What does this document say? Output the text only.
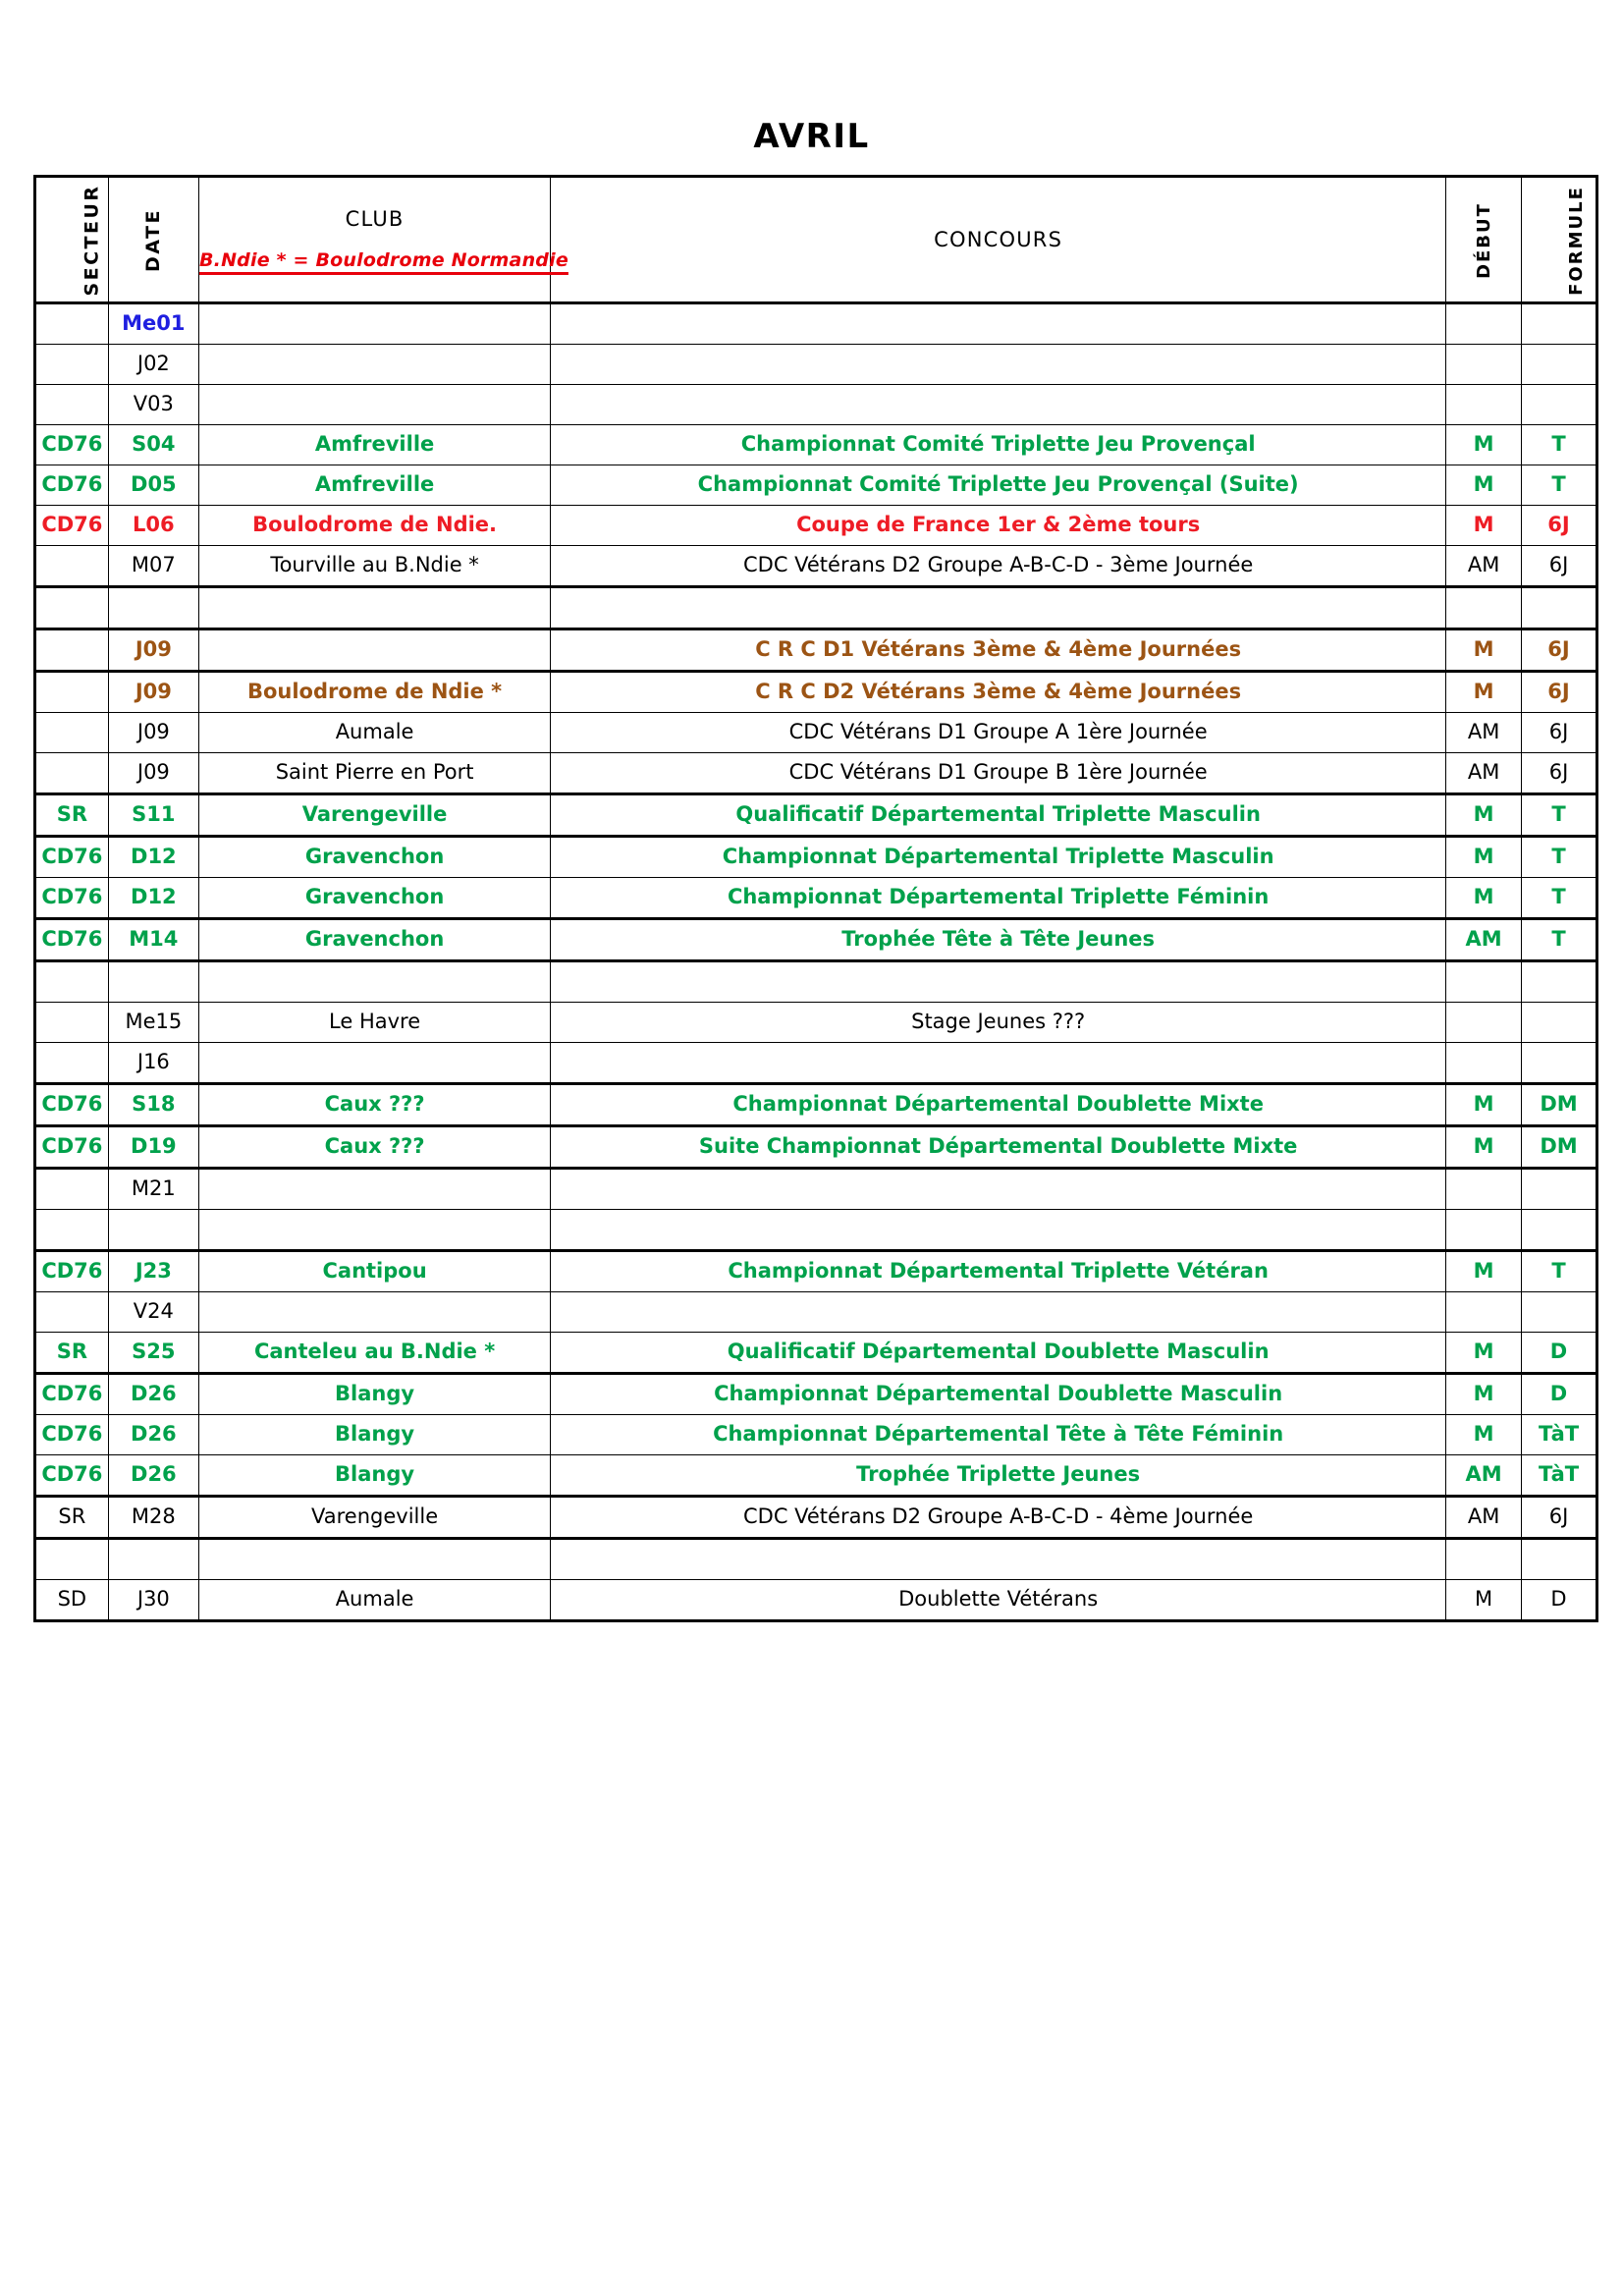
AVRIL
SECTEUR	DATE	CLUB
B.Ndie * = Boulodrome Normandie	CONCOURS	DÉBUT	FORMULE
	Me01				
	J02				
	V03				
CD76	S04	Amfreville	Championnat Comité Triplette Jeu Provençal	M	T
CD76	D05	Amfreville	Championnat Comité Triplette Jeu Provençal (Suite)	M	T
CD76	L06	Boulodrome de Ndie.	Coupe de France 1er & 2ème tours	M	6J
	M07	Tourville au B.Ndie *	CDC Vétérans D2 Groupe A-B-C-D - 3ème Journée	AM	6J

	J09		C R C D1 Vétérans 3ème & 4ème Journées	M	6J
	J09	Boulodrome de Ndie *	C R C D2 Vétérans 3ème & 4ème Journées	M	6J
	J09	Aumale	CDC Vétérans D1 Groupe A 1ère Journée	AM	6J
	J09	Saint Pierre en Port	CDC Vétérans D1 Groupe B 1ère Journée	AM	6J
SR	S11	Varengeville	Qualificatif Départemental Triplette Masculin	M	T
CD76	D12	Gravenchon	Championnat Départemental Triplette Masculin	M	T
CD76	D12	Gravenchon	Championnat Départemental Triplette Féminin	M	T
CD76	M14	Gravenchon	Trophée Tête à Tête Jeunes	AM	T

	Me15	Le Havre	Stage Jeunes ???		
	J16				
CD76	S18	Caux ???	Championnat Départemental Doublette Mixte	M	DM
CD76	D19	Caux ???	Suite Championnat Départemental Doublette Mixte	M	DM
	M21				

CD76	J23	Cantipou	Championnat Départemental Triplette Vétéran	M	T
	V24				
SR	S25	Canteleu au B.Ndie *	Qualificatif Départemental Doublette Masculin	M	D
CD76	D26	Blangy	Championnat Départemental Doublette Masculin	M	D
CD76	D26	Blangy	Championnat Départemental Tête à Tête Féminin	M	TàT
CD76	D26	Blangy	Trophée Triplette Jeunes	AM	TàT
SR	M28	Varengeville	CDC Vétérans D2 Groupe A-B-C-D - 4ème Journée	AM	6J

SD	J30	Aumale	Doublette Vétérans	M	D
